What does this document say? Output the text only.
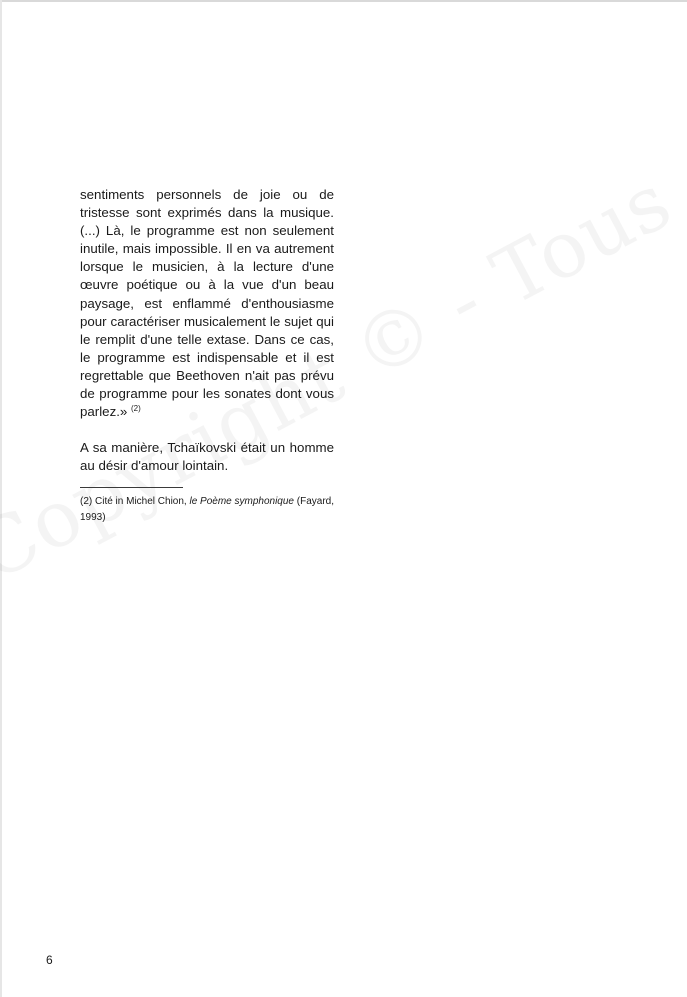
sentiments personnels de joie ou de tristesse sont exprimés dans la musique. (...) Là, le programme est non seulement inutile, mais impossible. Il en va autrement lorsque le musicien, à la lecture d'une œuvre poétique ou à la vue d'un beau paysage, est enflammé d'enthousiasme pour caractériser musicalement le sujet qui le remplit d'une telle extase. Dans ce cas, le programme est indispensable et il est regrettable que Beethoven n'ait pas prévu de programme pour les sonates dont vous parlez.» $^{(2)}$

A sa manière, Tchaïkovski était un homme au désir d'amour lointain.

(2) Cité in Michel Chion, le Poème symphonique (Fayard, 1993)

6
